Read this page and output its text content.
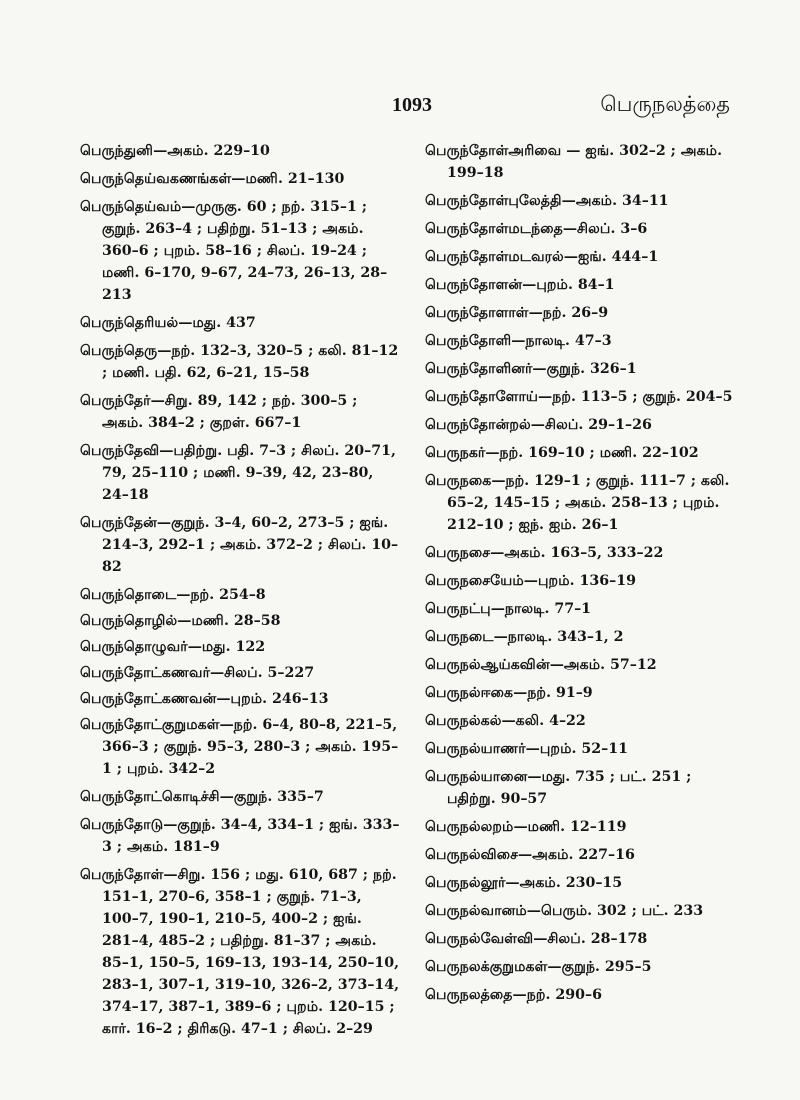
1093	பெருநலத்தை

பெருந்துனி—அகம். 229–10

பெருந்தெய்வகணங்கள்—மணி. 21–130

பெருந்தெய்வம்—முருகு. 60 ; நற். 315–1 ; குறுந். 263–4 ; பதிற்று. 51–13 ; அகம். 360–6 ; புறம். 58–16 ; சிலப். 19–24 ; மணி. 6–170, 9–67, 24–73, 26–13, 28–213

பெருந்தெரியல்—மது. 437

பெருந்தெரு—நற். 132–3, 320–5 ; கலி. 81–12 ; மணி. பதி. 62, 6–21, 15–58

பெருந்தேர்—சிறு. 89, 142 ; நற். 300–5 ; அகம். 384–2 ; குறள். 667–1

பெருந்தேவி—பதிற்று. பதி. 7–3 ; சிலப். 20–71, 79, 25–110 ; மணி. 9–39, 42, 23–80, 24–18

பெருந்தேன்—குறுந். 3–4, 60–2, 273–5 ; ஐங். 214–3, 292–1 ; அகம். 372–2 ; சிலப். 10–82

பெருந்தொடை—நற். 254–8

பெருந்தொழில்—மணி. 28–58

பெருந்தொழுவர்—மது. 122

பெருந்தோட்கணவர்—சிலப். 5–227

பெருந்தோட்கணவன்—புறம். 246–13

பெருந்தோட்குறுமகள்—நற். 6–4, 80–8, 221–5, 366–3 ; குறுந். 95–3, 280–3 ; அகம். 195–1 ; புறம். 342–2

பெருந்தோட்கொடிச்சி—குறுந். 335–7

பெருந்தோடு—குறுந். 34–4, 334–1 ; ஐங். 333–3 ; அகம். 181–9

பெருந்தோள்—சிறு. 156 ; மது. 610, 687 ; நற். 151–1, 270–6, 358–1 ; குறுந். 71–3, 100–7, 190–1, 210–5, 400–2 ; ஐங். 281–4, 485–2 ; பதிற்று. 81–37 ; அகம். 85–1, 150–5, 169–13, 193–14, 250–10, 283–1, 307–1, 319–10, 326–2, 373–14, 374–17, 387–1, 389–6 ; புறம். 120–15 ; கார். 16–2 ; திரிகடு. 47–1 ; சிலப். 2–29

பெருந்தோள்அரிவை — ஐங். 302–2 ; அகம். 199–18

பெருந்தோள்புலேத்தி—அகம். 34–11

பெருந்தோள்மடந்தை—சிலப். 3–6

பெருந்தோள்மடவரல்—ஐங். 444–1

பெருந்தோளன்—புறம். 84–1

பெருந்தோளாள்—நற். 26–9

பெருந்தோளி—நாலடி. 47–3

பெருந்தோளினர்—குறுந். 326–1

பெருந்தோளோய்—நற். 113–5 ; குறுந். 204–5

பெருந்தோன்றல்—சிலப். 29–1–26

பெருநகர்—நற். 169–10 ; மணி. 22–102

பெருநகை—நற். 129–1 ; குறுந். 111–7 ; கலி. 65–2, 145–15 ; அகம். 258–13 ; புறம். 212–10 ; ஐந். ஐம். 26–1

பெருநசை—அகம். 163–5, 333–22

பெருநசையேம்—புறம். 136–19

பெருநட்பு—நாலடி. 77–1

பெருநடை—நாலடி. 343–1, 2

பெருநல்ஆய்கவின்—அகம். 57–12

பெருநல்ஈகை—நற். 91–9

பெருநல்கல்—கலி. 4–22

பெருநல்யாணர்—புறம். 52–11

பெருநல்யானை—மது. 735 ; பட். 251 ; பதிற்று. 90–57

பெருநல்லறம்—மணி. 12–119

பெருநல்விசை—அகம். 227–16

பெருநல்லூர்—அகம். 230–15

பெருநல்வானம்—பெரும். 302 ; பட். 233

பெருநல்வேள்வி—சிலப். 28–178

பெருநலக்குறுமகள்—குறுந். 295–5

பெருநலத்தை—நற். 290–6
